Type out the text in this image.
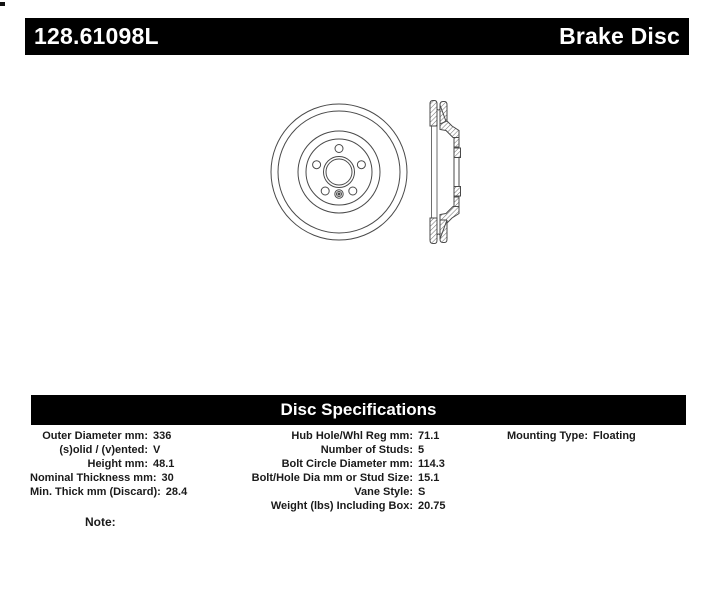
128.61098L	Brake Disc
Disc Specifications
Outer Diameter mm: 336
(s)olid / (v)ented: V
Height mm: 48.1
Nominal Thickness mm: 30
Min. Thick mm (Discard): 28.4
Hub Hole/Whl Reg mm: 71.1
Number of Studs: 5
Bolt Circle Diameter mm: 114.3
Bolt/Hole Dia mm or Stud Size: 15.1
Vane Style: S
Weight (lbs) Including Box: 20.75
Mounting Type: Floating
Note:
